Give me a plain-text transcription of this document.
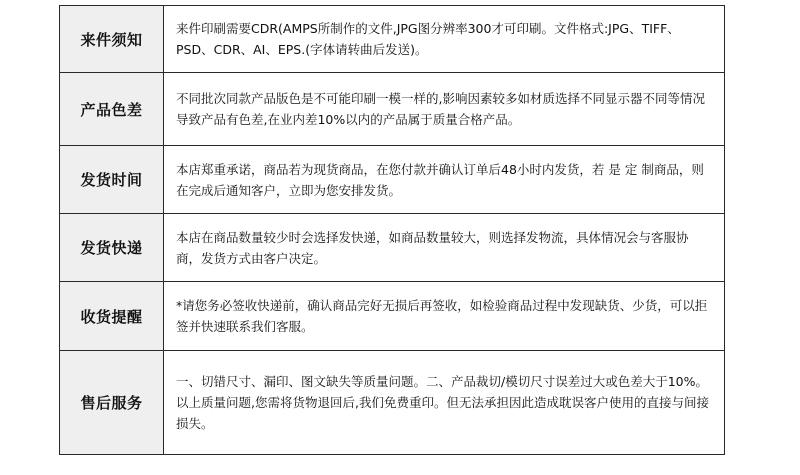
来件须知	来件印刷需要CDR(AMPS所制作的文件,JPG图分辨率300才可印刷。文件格式:JPG、TIFF、PSD、CDR、AI、EPS.(字体请转曲后发送)。

产品色差	不同批次同款产品版色是不可能印刷一模一样的,影响因素较多如材质选择不同显示器不同等情况导致产品有色差,在业内差10%以内的产品属于质量合格产品。

发货时间	本店郑重承诺，商品若为现货商品，在您付款并确认订单后48小时内发货，若 是 定 制商品，则在完成后通知客户，立即为您安排发货。

发货快递	本店在商品数量较少时会选择发快递，如商品数量较大，则选择发物流，具体情况会与客服协商，发货方式由客户决定。

收货提醒	*请您务必签收快递前，确认商品完好无损后再签收，如检验商品过程中发现缺货、少货，可以拒签并快速联系我们客服。

售后服务	一、切错尺寸、漏印、图文缺失等质量问题。二、产品裁切/模切尺寸误差过大或色差大于10%。以上质量问题,您需将货物退回后,我们免费重印。但无法承担因此造成耽误客户使用的直接与间接损失。
